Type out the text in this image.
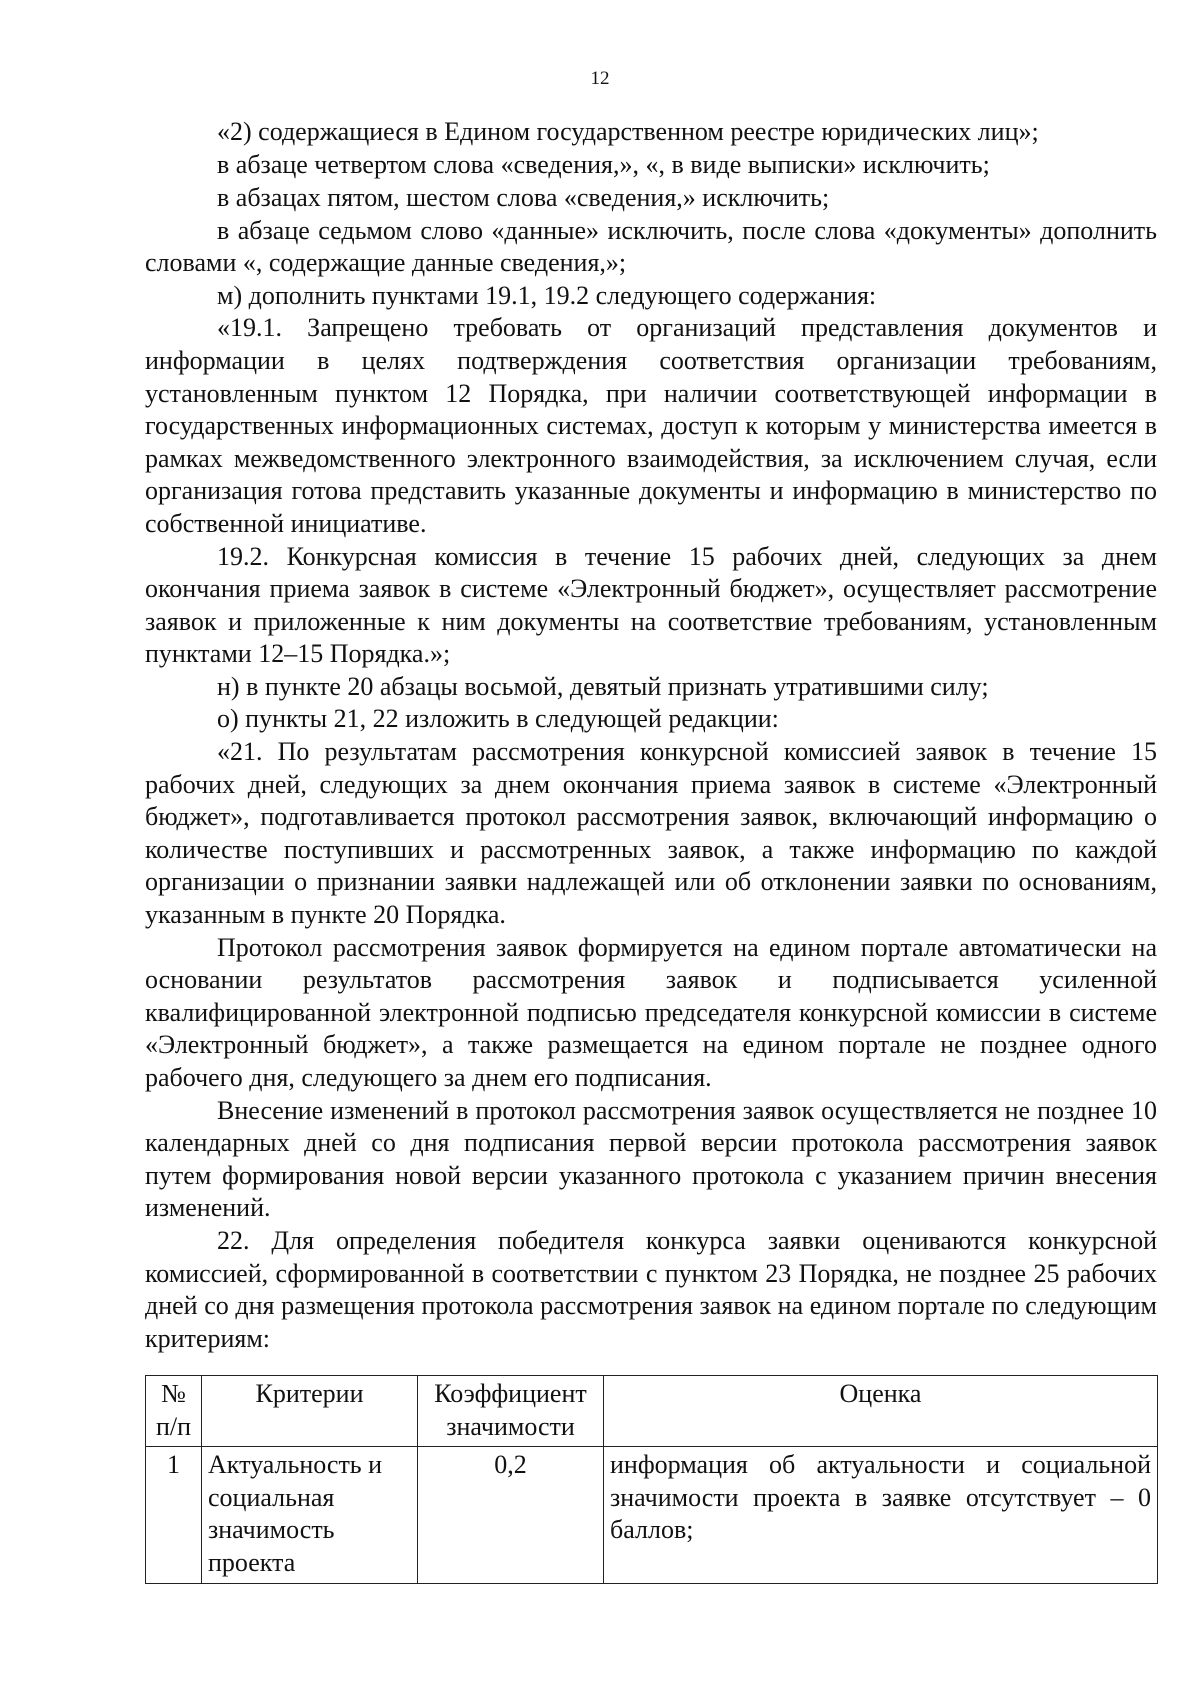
12

«2) содержащиеся в Едином государственном реестре юридических лиц»;

в абзаце четвертом слова «сведения,», «, в виде выписки» исключить;

в абзацах пятом, шестом слова «сведения,» исключить;

в абзаце седьмом слово «данные» исключить, после слова «документы» дополнить словами «, содержащие данные сведения,»;

м) дополнить пунктами 19.1, 19.2 следующего содержания:

«19.1. Запрещено требовать от организаций представления документов и информации в целях подтверждения соответствия организации требованиям, установленным пунктом 12 Порядка, при наличии соответствующей информации в государственных информационных системах, доступ к которым у министерства имеется в рамках межведомственного электронного взаимодействия, за исключением случая, если организация готова представить указанные документы и информацию в министерство по собственной инициативе.

19.2. Конкурсная комиссия в течение 15 рабочих дней, следующих за днем окончания приема заявок в системе «Электронный бюджет», осуществляет рассмотрение заявок и приложенные к ним документы на соответствие требованиям, установленным пунктами 12–15 Порядка.»;

н) в пункте 20 абзацы восьмой, девятый признать утратившими силу;

о) пункты 21, 22 изложить в следующей редакции:

«21. По результатам рассмотрения конкурсной комиссией заявок в течение 15 рабочих дней, следующих за днем окончания приема заявок в системе «Электронный бюджет», подготавливается протокол рассмотрения заявок, включающий информацию о количестве поступивших и рассмотренных заявок, а также информацию по каждой организации о признании заявки надлежащей или об отклонении заявки по основаниям, указанным в пункте 20 Порядка.

Протокол рассмотрения заявок формируется на едином портале автоматически на основании результатов рассмотрения заявок и подписывается усиленной квалифицированной электронной подписью председателя конкурсной комиссии в системе «Электронный бюджет», а также размещается на едином портале не позднее одного рабочего дня, следующего за днем его подписания.

Внесение изменений в протокол рассмотрения заявок осуществляется не позднее 10 календарных дней со дня подписания первой версии протокола рассмотрения заявок путем формирования новой версии указанного протокола с указанием причин внесения изменений.

22. Для определения победителя конкурса заявки оцениваются конкурсной комиссией, сформированной в соответствии с пунктом 23 Порядка, не позднее 25 рабочих дней со дня размещения протокола рассмотрения заявок на едином портале по следующим критериям:

№ п/п	Критерии	Коэффициент значимости	Оценка
1	Актуальность и социальная значимость проекта	0,2	информация об актуальности и социальной значимости проекта в заявке отсутствует – 0 баллов;
